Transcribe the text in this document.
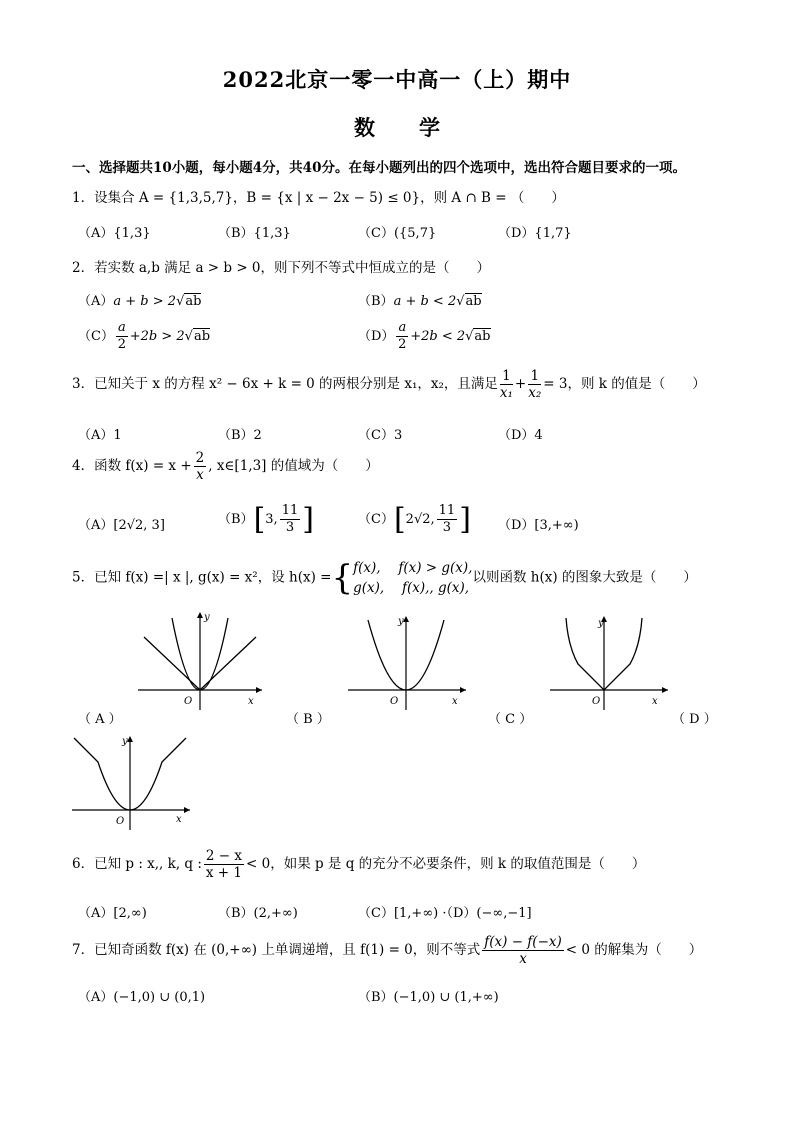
2022北京一零一中高一（上）期中
数 学
一、选择题共10小题，每小题4分，共40分。在每小题列出的四个选项中，选出符合题目要求的一项。
1．设集合 A = {1,3,5,7}，B = {x | x − 2x − 5) ≤ 0}，则 A ∩ B = （　　）
（A）{1,3}	（B）{1,3}	（C）({5,7}	（D）{1,7}
2．若实数 a,b 满足 a > b > 0，则下列不等式中恒成立的是（　　）
（A）a + b > 2√ab	（B）a + b < 2√ab
$(C) \frac{a}{2} +2b > 2√ab$	$(D) \frac{a}{2} +2b < 2√ab$
3．已知关于 x 的方程 x² − 6x + k = 0 的两根分别是 x₁，x₂，且满足 $\frac{1}{\text{x₁}} + \frac{1}{\text{x₂}} = 3$，则 k 的值是（　　）
（A）1	（B）2	（C）3	（D）4
4．函数 $f(x) = x + \frac{2}{x}$ , x∈[1,3] 的值域为（　　）
（A）[2√2, 3]	（B）[3, $\frac{11}{3}$ ]	（C）[2√2, $\frac{11}{3}$ ] （D）[3,+∞)
5．已知 f(x) =| x |, g(x) = x²，设 h(x) ={ f(x),　 f(x) > g(x),
g(x),　 f(x),, g(x),
以则函数 h(x) 的图象大致是（　　）
y
x
O
（ A ）
y
x
O
（ B ）
y
x
O
（ C ）	（ D ）
y
x
O
6．已知 p : x,, k, q : $\frac{2 - x}{x + 1} < 0$，如果 p 是 q 的充分不必要条件，则 k 的取值范围是（　　）
（A）[2,∞)	（B）(2,+∞)	（C）[1,+∞) ·（D）(−∞,−1]
7．已知奇函数 f(x) 在 (0,+∞) 上单调递增，且 f(1) = 0，则不等式 $\frac{f(x) - f(-x)}{x} < 0$ 的解集为（　　）
（A）(−1,0) ∪ (0,1)	（B）(−1,0) ∪ (1,+∞)
